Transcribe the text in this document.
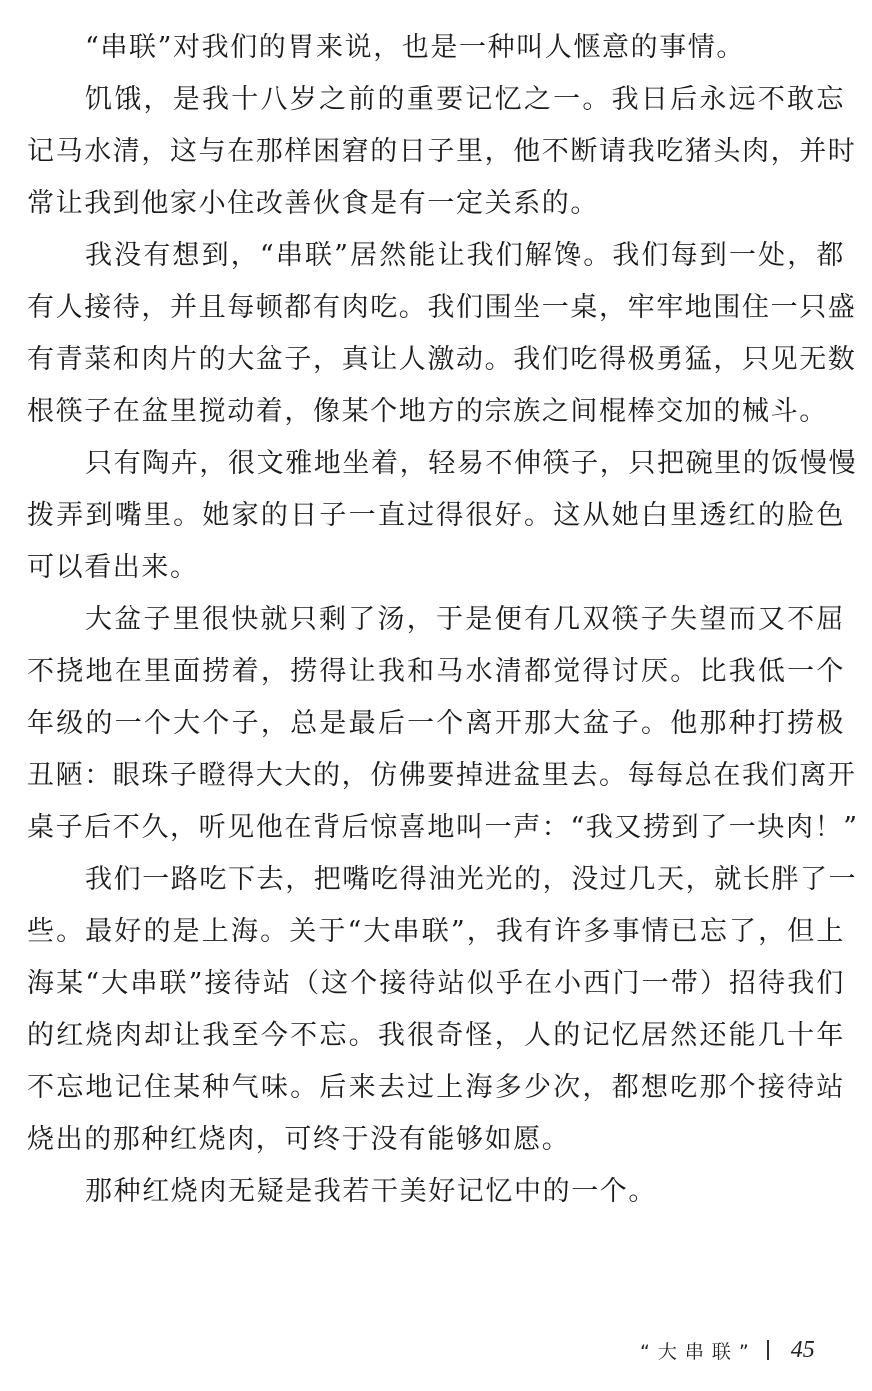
“串联”对我们的胃来说，也是一种叫人惬意的事情。
饥饿，是我十八岁之前的重要记忆之一。我日后永远不敢忘
记马水清，这与在那样困窘的日子里，他不断请我吃猪头肉，并时
常让我到他家小住改善伙食是有一定关系的。
我没有想到，“串联”居然能让我们解馋。我们每到一处，都
有人接待，并且每顿都有肉吃。我们围坐一桌，牢牢地围住一只盛
有青菜和肉片的大盆子，真让人激动。我们吃得极勇猛，只见无数
根筷子在盆里搅动着，像某个地方的宗族之间棍棒交加的械斗。
只有陶卉，很文雅地坐着，轻易不伸筷子，只把碗里的饭慢慢
拨弄到嘴里。她家的日子一直过得很好。这从她白里透红的脸色
可以看出来。
大盆子里很快就只剩了汤，于是便有几双筷子失望而又不屈
不挠地在里面捞着，捞得让我和马水清都觉得讨厌。比我低一个
年级的一个大个子，总是最后一个离开那大盆子。他那种打捞极
丑陋：眼珠子瞪得大大的，仿佛要掉进盆里去。每每总在我们离开
桌子后不久，听见他在背后惊喜地叫一声：“我又捞到了一块肉！”
我们一路吃下去，把嘴吃得油光光的，没过几天，就长胖了一
些。最好的是上海。关于“大串联”，我有许多事情已忘了，但上
海某“大串联”接待站（这个接待站似乎在小西门一带）招待我们
的红烧肉却让我至今不忘。我很奇怪，人的记忆居然还能几十年
不忘地记住某种气味。后来去过上海多少次，都想吃那个接待站
烧出的那种红烧肉，可终于没有能够如愿。
那种红烧肉无疑是我若干美好记忆中的一个。
“大串联” 45
